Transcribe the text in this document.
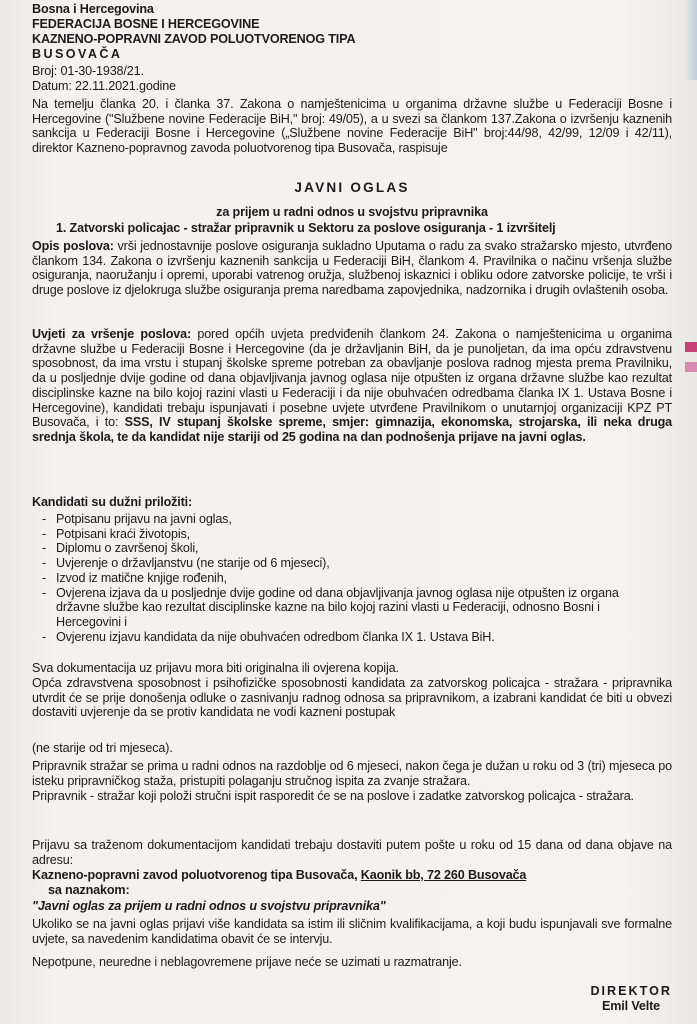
Bosna i Hercegovina
FEDERACIJA BOSNE I HERCEGOVINE
KAZNENO-POPRAVNI ZAVOD POLUOTVORENOG TIPA
BUSOVAČA
Broj: 01-30-1938/21.
Datum: 22.11.2021.godine
Na temelju članka 20. i članka 37. Zakona o namještenicima u organima državne službe u Federaciji Bosne i Hercegovine ("Službene novine Federacije BiH," broj: 49/05), a u svezi sa člankom 137.Zakona o izvršenju kaznenih sankcija u Federaciji Bosne i Hercegovine („Službene novine Federacije BiH" broj:44/98, 42/99, 12/09 i 42/11), direktor Kazneno-popravnog zavoda poluotvorenog tipa Busovača, raspisuje
JAVNI OGLAS
za prijem u radni odnos u svojstvu pripravnika
1. Zatvorski policajac - stražar pripravnik u Sektoru za poslove osiguranja - 1 izvršitelj
Opis poslova: vrši jednostavnije poslove osiguranja sukladno Uputama o radu za svako stražarsko mjesto, utvrđeno člankom 134. Zakona o izvršenju kaznenih sankcija u Federaciji BiH, člankom 4. Pravilnika o načinu vršenja službe osiguranja, naoružanju i opremi, uporabi vatrenog oružja, službenoj iskaznici i obliku odore zatvorske policije, te vrši i druge poslove iz djelokruga službe osiguranja prema naredbama zapovjednika, nadzornika i drugih ovlaštenih osoba.
Uvjeti za vršenje poslova: pored općih uvjeta predviđenih člankom 24. Zakona o namještenicima u organima državne službe u Federaciji Bosne i Hercegovine (da je državljanin BiH, da je punoljetan, da ima opću zdravstvenu sposobnost, da ima vrstu i stupanj školske spreme potreban za obavljanje poslova radnog mjesta prema Pravilniku, da u posljednje dvije godine od dana objavljivanja javnog oglasa nije otpušten iz organa državne službe kao rezultat disciplinske kazne na bilo kojoj razini vlasti u Federaciji i da nije obuhvaćen odredbama članka IX 1. Ustava Bosne i Hercegovine), kandidati trebaju ispunjavati i posebne uvjete utvrđene Pravilnikom o unutarnjoj organizaciji KPZ PT Busovača, i to: SSS, IV stupanj školske spreme, smjer: gimnazija, ekonomska, strojarska, ili neka druga srednja škola, te da kandidat nije stariji od 25 godina na dan podnošenja prijave na javni oglas.
Kandidati su dužni priložiti:
- Potpisanu prijavu na javni oglas,
- Potpisani kraći životopis,
- Diplomu o završenoj školi,
- Uvjerenje o državljanstvu (ne starije od 6 mjeseci),
- Izvod iz matične knjige rođenih,
- Ovjerena izjava da u posljednje dvije godine od dana objavljivanja javnog oglasa nije otpušten iz organa državne službe kao rezultat disciplinske kazne na bilo kojoj razini vlasti u Federaciji, odnosno Bosni i Hercegovini i
- Ovjerenu izjavu kandidata da nije obuhvaćen odredbom članka IX 1. Ustava BiH.
Sva dokumentacija uz prijavu mora biti originalna ili ovjerena kopija.
Opća zdravstvena sposobnost i psihofizičke sposobnosti kandidata za zatvorskog policajca - stražara - pripravnika utvrdit će se prije donošenja odluke o zasnivanju radnog odnosa sa pripravnikom, a izabrani kandidat će biti u obvezi dostaviti uvjerenje da se protiv kandidata ne vodi kazneni postupak
(ne starije od tri mjeseca).
Pripravnik stražar se prima u radni odnos na razdoblje od 6 mjeseci, nakon čega je dužan u roku od 3 (tri) mjeseca po isteku pripravničkog staža, pristupiti polaganju stručnog ispita za zvanje stražara.
Pripravnik - stražar koji položi stručni ispit rasporedit će se na poslove i zadatke zatvorskog policajca - stražara.
Prijavu sa traženom dokumentacijom kandidati trebaju dostaviti putem pošte u roku od 15 dana od dana objave na adresu:
Kazneno-popravni zavod poluotvorenog tipa Busovača, Kaonik bb, 72 260 Busovača
sa naznakom:
"Javni oglas za prijem u radni odnos u svojstvu pripravnika"
Ukoliko se na javni oglas prijavi više kandidata sa istim ili sličnim kvalifikacijama, a koji budu ispunjavali sve formalne uvjete, sa navedenim kandidatima obavit će se intervju.
Nepotpune, neuredne i neblagovremene prijave neće se uzimati u razmatranje.
DIREKTOR
Emil Velte
